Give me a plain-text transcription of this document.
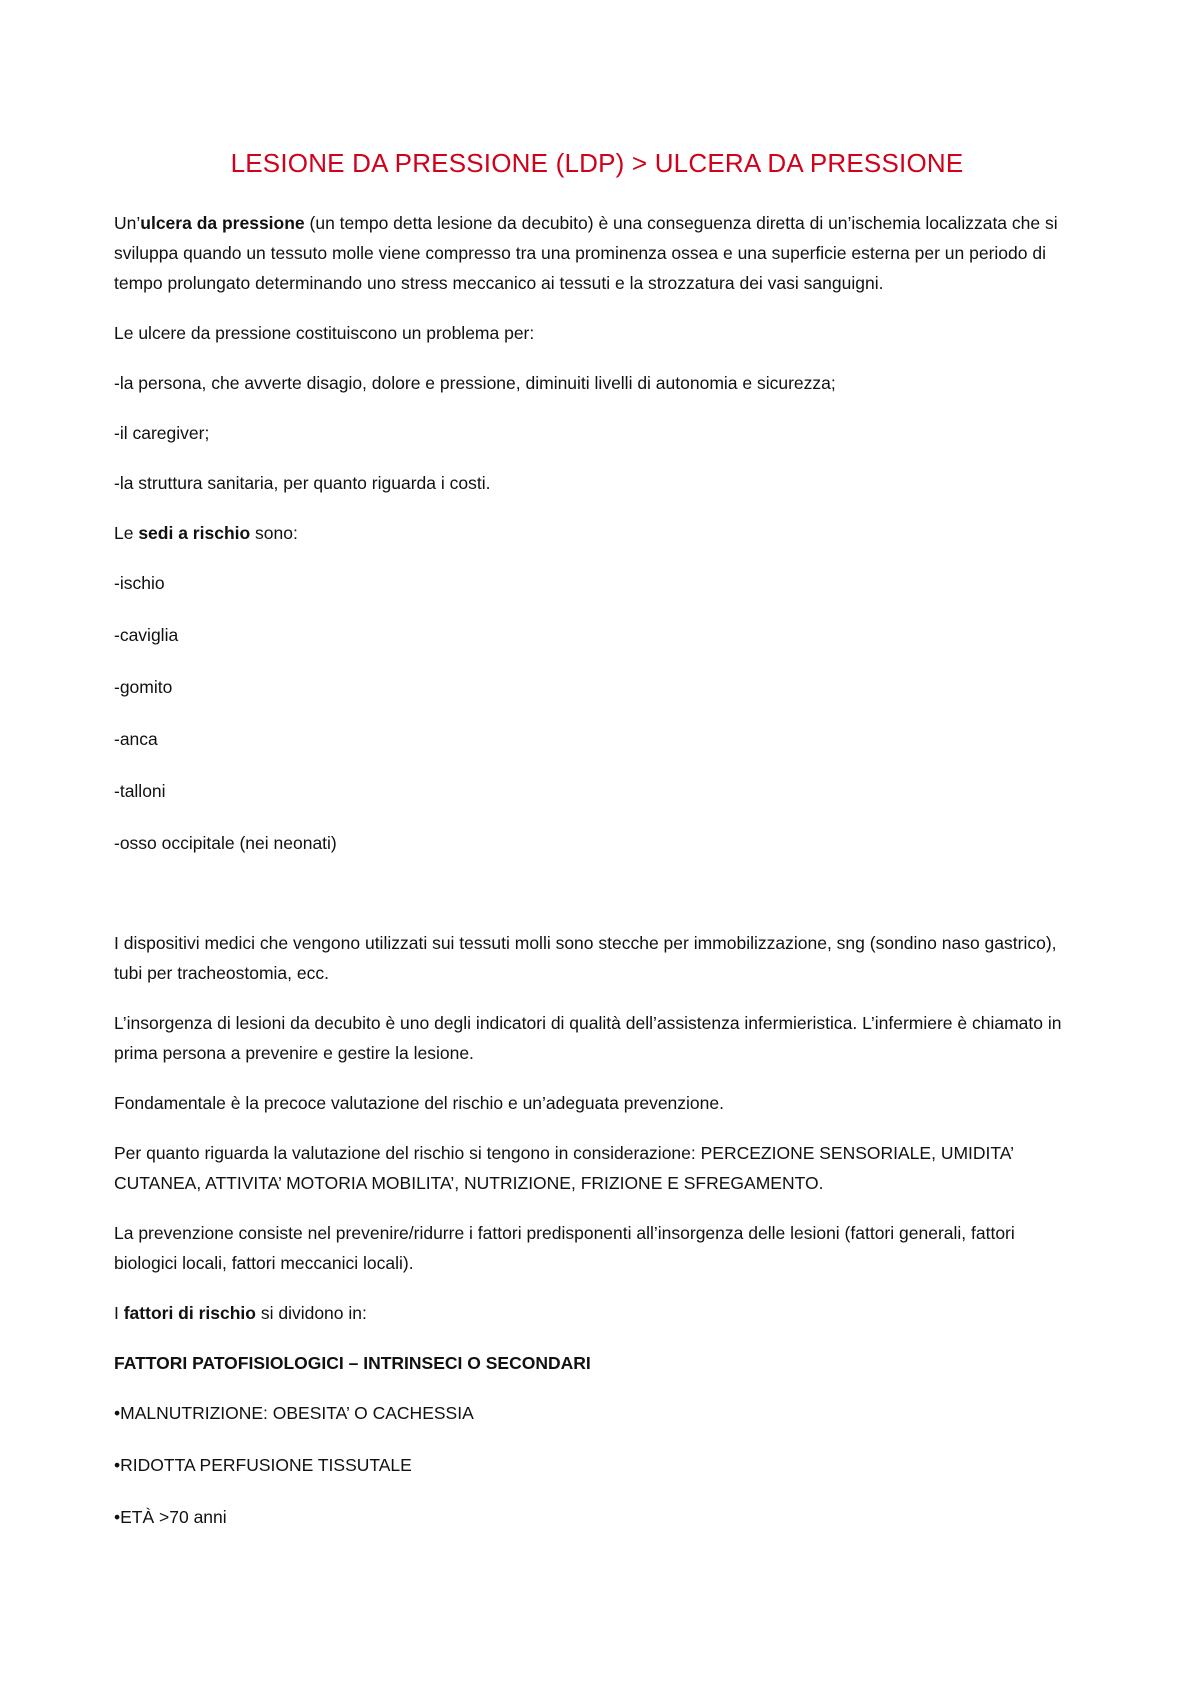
LESIONE DA PRESSIONE (LDP) > ULCERA DA PRESSIONE

Un’ulcera da pressione (un tempo detta lesione da decubito) è una conseguenza diretta di un’ischemia localizzata che si sviluppa quando un tessuto molle viene compresso tra una prominenza ossea e una superficie esterna per un periodo di tempo prolungato determinando uno stress meccanico ai tessuti e la strozzatura dei vasi sanguigni.

Le ulcere da pressione costituiscono un problema per:

-la persona, che avverte disagio, dolore e pressione, diminuiti livelli di autonomia e sicurezza;

-il caregiver;

-la struttura sanitaria, per quanto riguarda i costi.

Le sedi a rischio sono:

-ischio

-caviglia

-gomito

-anca

-talloni

-osso occipitale (nei neonati)

I dispositivi medici che vengono utilizzati sui tessuti molli sono stecche per immobilizzazione, sng (sondino naso gastrico), tubi per tracheostomia, ecc.

L’insorgenza di lesioni da decubito è uno degli indicatori di qualità dell’assistenza infermieristica. L’infermiere è chiamato in prima persona a prevenire e gestire la lesione.

Fondamentale è la precoce valutazione del rischio e un’adeguata prevenzione.

Per quanto riguarda la valutazione del rischio si tengono in considerazione: PERCEZIONE SENSORIALE, UMIDITA’ CUTANEA, ATTIVITA’ MOTORIA MOBILITA’, NUTRIZIONE, FRIZIONE E SFREGAMENTO.

La prevenzione consiste nel prevenire/ridurre i fattori predisponenti all’insorgenza delle lesioni (fattori generali, fattori biologici locali, fattori meccanici locali).

I fattori di rischio si dividono in:

FATTORI PATOFISIOLOGICI – INTRINSECI O SECONDARI

•MALNUTRIZIONE: OBESITA’ O CACHESSIA

•RIDOTTA PERFUSIONE TISSUTALE

•ETÀ >70 anni
